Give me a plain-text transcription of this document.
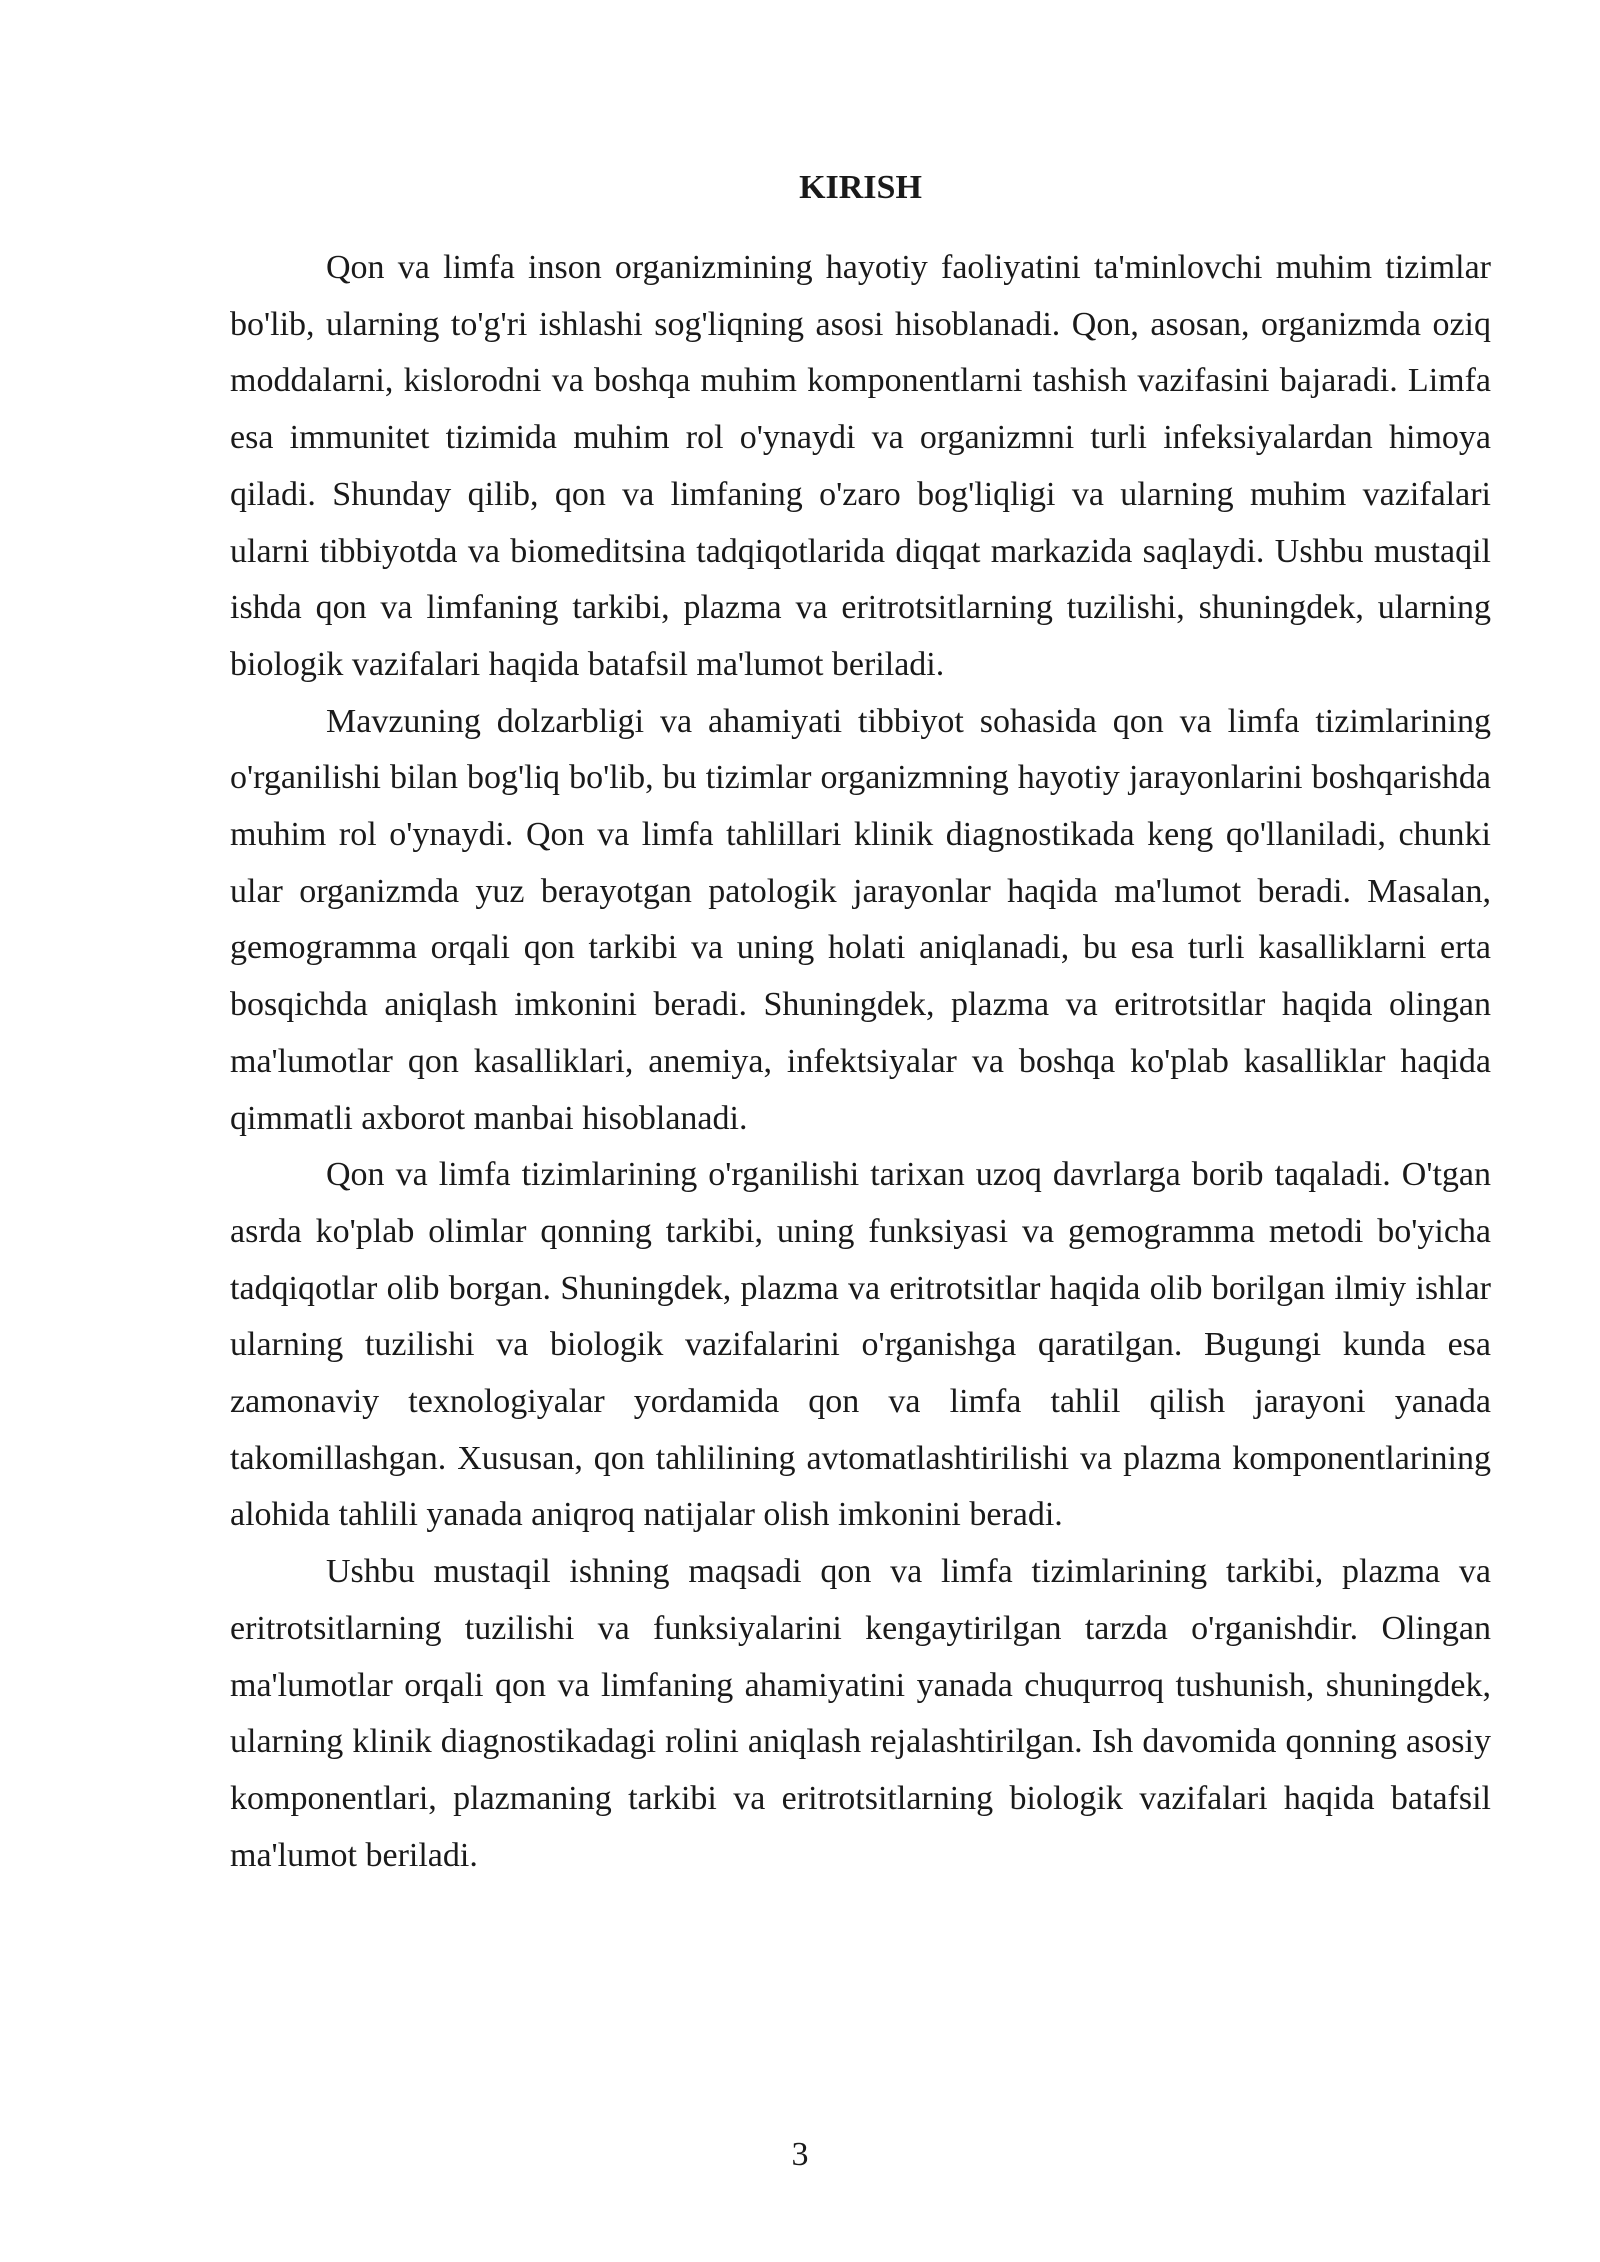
KIRISH

Qon va limfa inson organizmining hayotiy faoliyatini ta'minlovchi muhim tizimlar bo'lib, ularning to'g'ri ishlashi sog'liqning asosi hisoblanadi. Qon, asosan, organizmda oziq moddalarni, kislorodni va boshqa muhim komponentlarni tashish vazifasini bajaradi. Limfa esa immunitet tizimida muhim rol o'ynaydi va organizmni turli infeksiyalardan himoya qiladi. Shunday qilib, qon va limfaning o'zaro bog'liqligi va ularning muhim vazifalari ularni tibbiyotda va biomeditsina tadqiqotlarida diqqat markazida saqlaydi. Ushbu mustaqil ishda qon va limfaning tarkibi, plazma va eritrotsitlarning tuzilishi, shuningdek, ularning biologik vazifalari haqida batafsil ma'lumot beriladi.

Mavzuning dolzarbligi va ahamiyati tibbiyot sohasida qon va limfa tizimlarining o'rganilishi bilan bog'liq bo'lib, bu tizimlar organizmning hayotiy jarayonlarini boshqarishda muhim rol o'ynaydi. Qon va limfa tahlillari klinik diagnostikada keng qo'llaniladi, chunki ular organizmda yuz berayotgan patologik jarayonlar haqida ma'lumot beradi. Masalan, gemogramma orqali qon tarkibi va uning holati aniqlanadi, bu esa turli kasalliklarni erta bosqichda aniqlash imkonini beradi. Shuningdek, plazma va eritrotsitlar haqida olingan ma'lumotlar qon kasalliklari, anemiya, infektsiyalar va boshqa ko'plab kasalliklar haqida qimmatli axborot manbai hisoblanadi.

Qon va limfa tizimlarining o'rganilishi tarixan uzoq davrlarga borib taqaladi. O'tgan asrda ko'plab olimlar qonning tarkibi, uning funksiyasi va gemogramma metodi bo'yicha tadqiqotlar olib borgan. Shuningdek, plazma va eritrotsitlar haqida olib borilgan ilmiy ishlar ularning tuzilishi va biologik vazifalarini o'rganishga qaratilgan. Bugungi kunda esa zamonaviy texnologiyalar yordamida qon va limfa tahlil qilish jarayoni yanada takomillashgan. Xususan, qon tahlilining avtomatlashtirilishi va plazma komponentlarining alohida tahlili yanada aniqroq natijalar olish imkonini beradi.

Ushbu mustaqil ishning maqsadi qon va limfa tizimlarining tarkibi, plazma va eritrotsitlarning tuzilishi va funksiyalarini kengaytirilgan tarzda o'rganishdir. Olingan ma'lumotlar orqali qon va limfaning ahamiyatini yanada chuqurroq tushunish, shuningdek, ularning klinik diagnostikadagi rolini aniqlash rejalashtirilgan. Ish davomida qonning asosiy komponentlari, plazmaning tarkibi va eritrotsitlarning biologik vazifalari haqida batafsil ma'lumot beriladi.

3
